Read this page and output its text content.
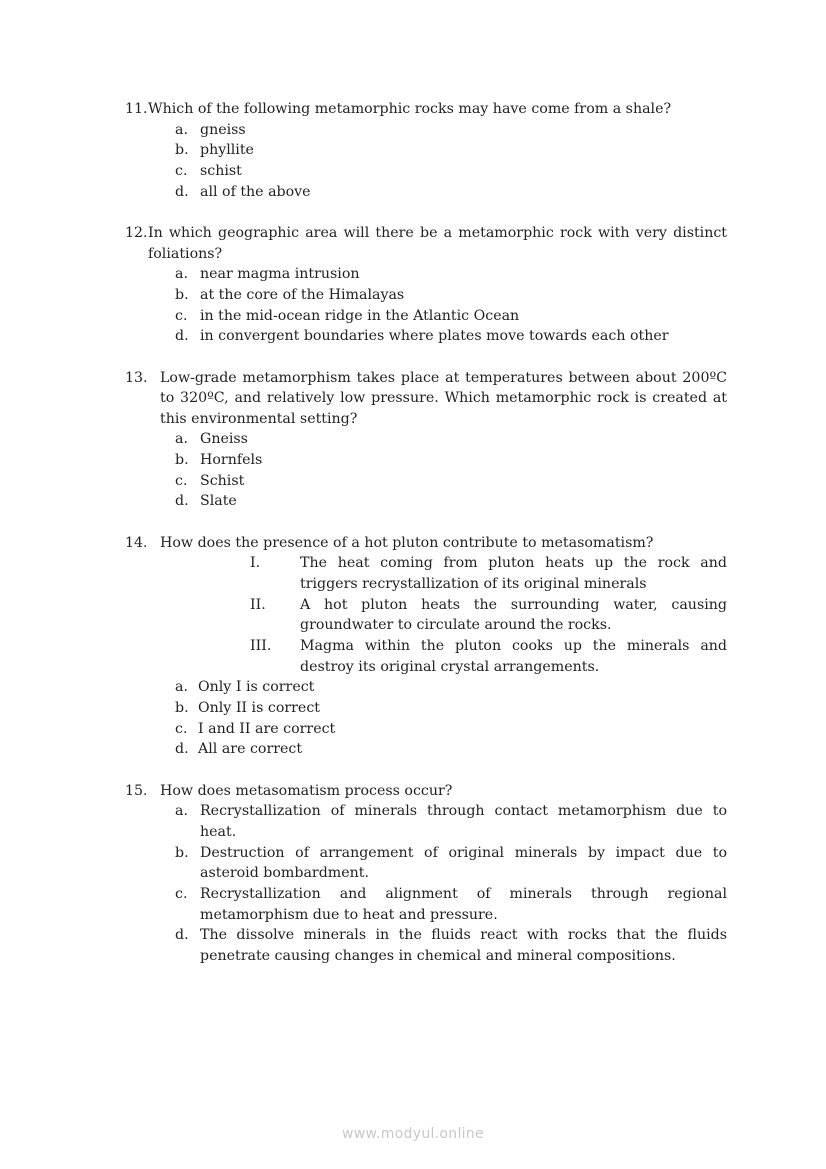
11. Which of the following metamorphic rocks may have come from a shale?
a. gneiss
b. phyllite
c. schist
d. all of the above
12. In which geographic area will there be a metamorphic rock with very distinct foliations?
a. near magma intrusion
b. at the core of the Himalayas
c. in the mid-ocean ridge in the Atlantic Ocean
d. in convergent boundaries where plates move towards each other
13. Low-grade metamorphism takes place at temperatures between about 200ºC to 320ºC, and relatively low pressure. Which metamorphic rock is created at this environmental setting?
a. Gneiss
b. Hornfels
c. Schist
d. Slate
14. How does the presence of a hot pluton contribute to metasomatism?
I.	The heat coming from pluton heats up the rock and triggers recrystallization of its original minerals
II.	A hot pluton heats the surrounding water, causing groundwater to circulate around the rocks.
III.	Magma within the pluton cooks up the minerals and destroy its original crystal arrangements.
a. Only I is correct
b. Only II is correct
c. I and II are correct
d. All are correct
15. How does metasomatism process occur?
a. Recrystallization of minerals through contact metamorphism due to heat.
b. Destruction of arrangement of original minerals by impact due to asteroid bombardment.
c. Recrystallization and alignment of minerals through regional metamorphism due to heat and pressure.
d. The dissolve minerals in the fluids react with rocks that the fluids penetrate causing changes in chemical and mineral compositions.
www.modyul.online
